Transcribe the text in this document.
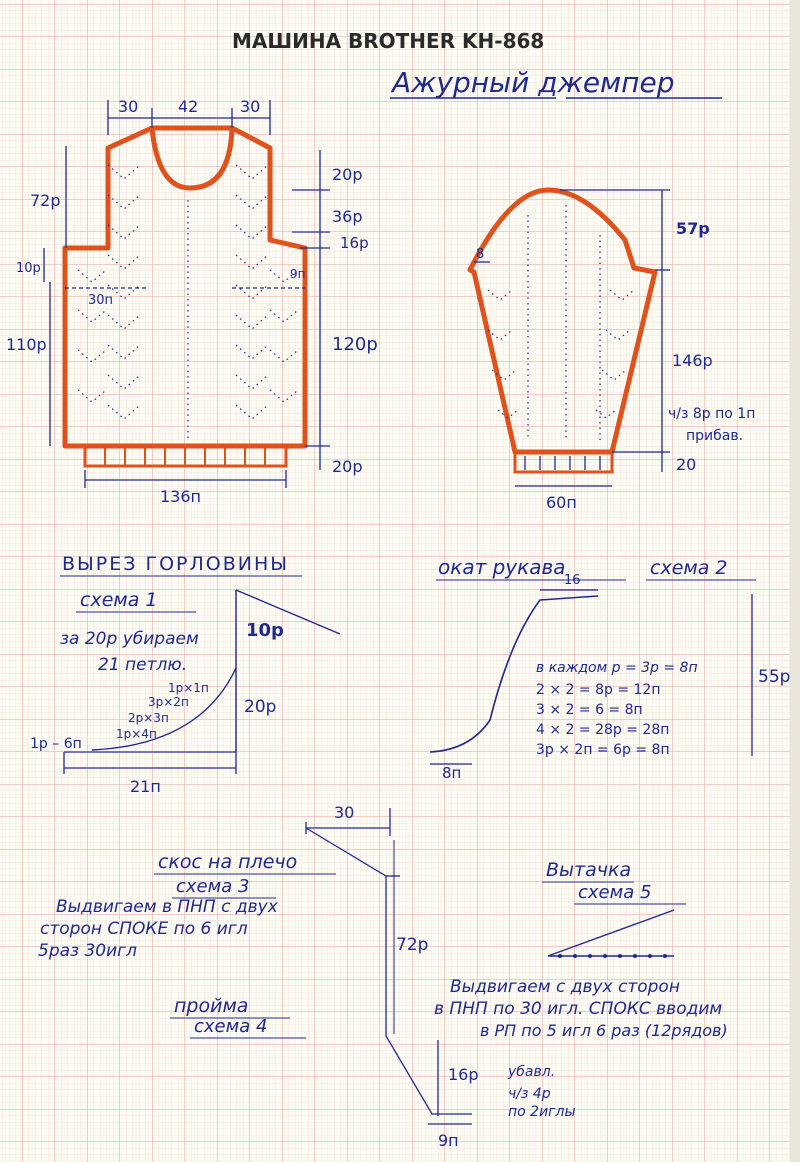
МАШИНА BROTHER KH-868
Ажурный джемпер
30 42	30
20р
36р
16р
72р
10р	9п
30п
120р
110р
20р
136п
8
57р
146р
ч/з 8р по 1п
прибав.
20
60п
ВЫРЕЗ ГОРЛОВИНЫ
схема 1
за 20р убираем
21 петлю.
10р
20р
1р×1п
3р×2п
2р×3п
1р×4п
1р – 6п
21п
окат рукава	схема 2
16
55р
8п
в каждом р = 3р = 8п
2 × 2 = 8р = 12п
3 × 2 = 6 = 8п
4 × 2 = 28р = 28п
3р × 2п = 6р = 8п
30
72р
скос на плечо
схема 3
Выдвигаем в ПНП с двух
сторон СПОКЕ по 6 игл
5раз 30игл
пройма
схема 4
16р убавл.
ч/з 4р
по 2иглы
9п
Вытачка
схема 5
Выдвигаем с двух сторон
в ПНП по 30 игл. СПОКС вводим
в РП по 5 игл 6 раз (12рядов)
